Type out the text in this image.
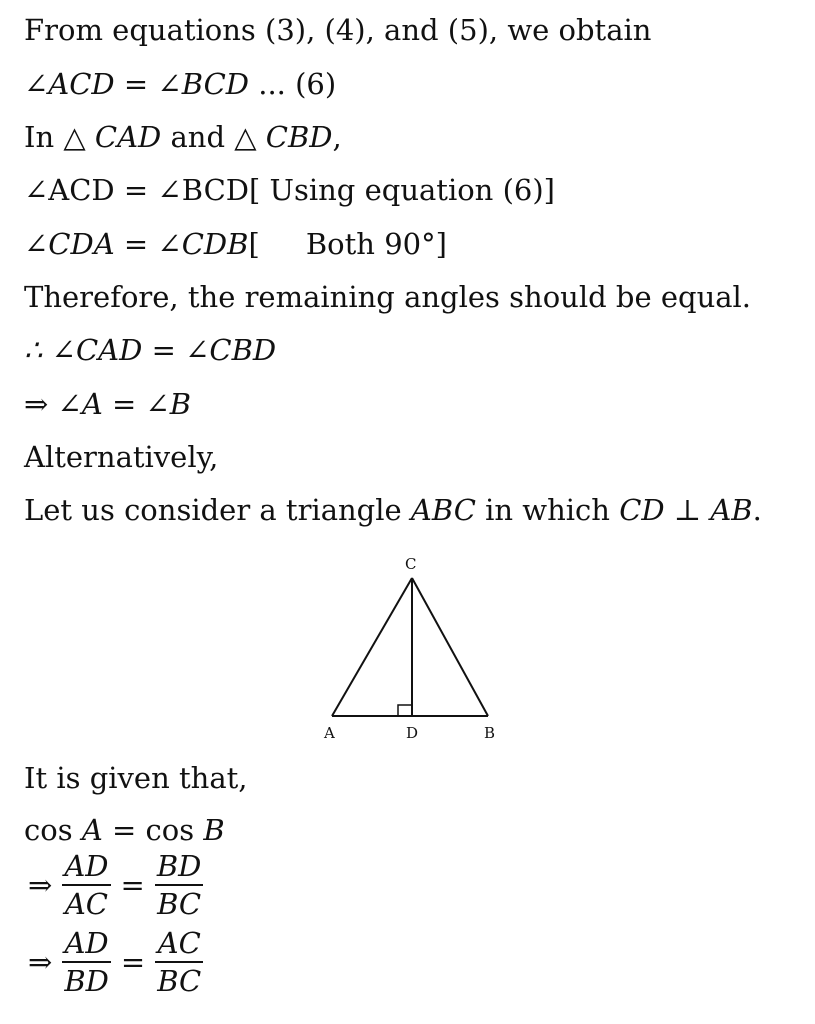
From equations (3), (4), and (5), we obtain
∠ACD = ∠BCD ... (6)
In △ CAD and △ CBD,
∠ACD = ∠BCD[ Using equation (6)]
∠CDA = ∠CDB[     Both 90°]
Therefore, the remaining angles should be equal.
∴ ∠CAD = ∠CBD
⇒ ∠A = ∠B
Alternatively,
Let us consider a triangle ABC in which CD ⊥ AB.
C
A	D	B
It is given that,
cos A = cos B
⇒ $\frac{AD}{AC} = \frac{BD}{BC}$
⇒ $\frac{AD}{BD} = \frac{AC}{BC}$
